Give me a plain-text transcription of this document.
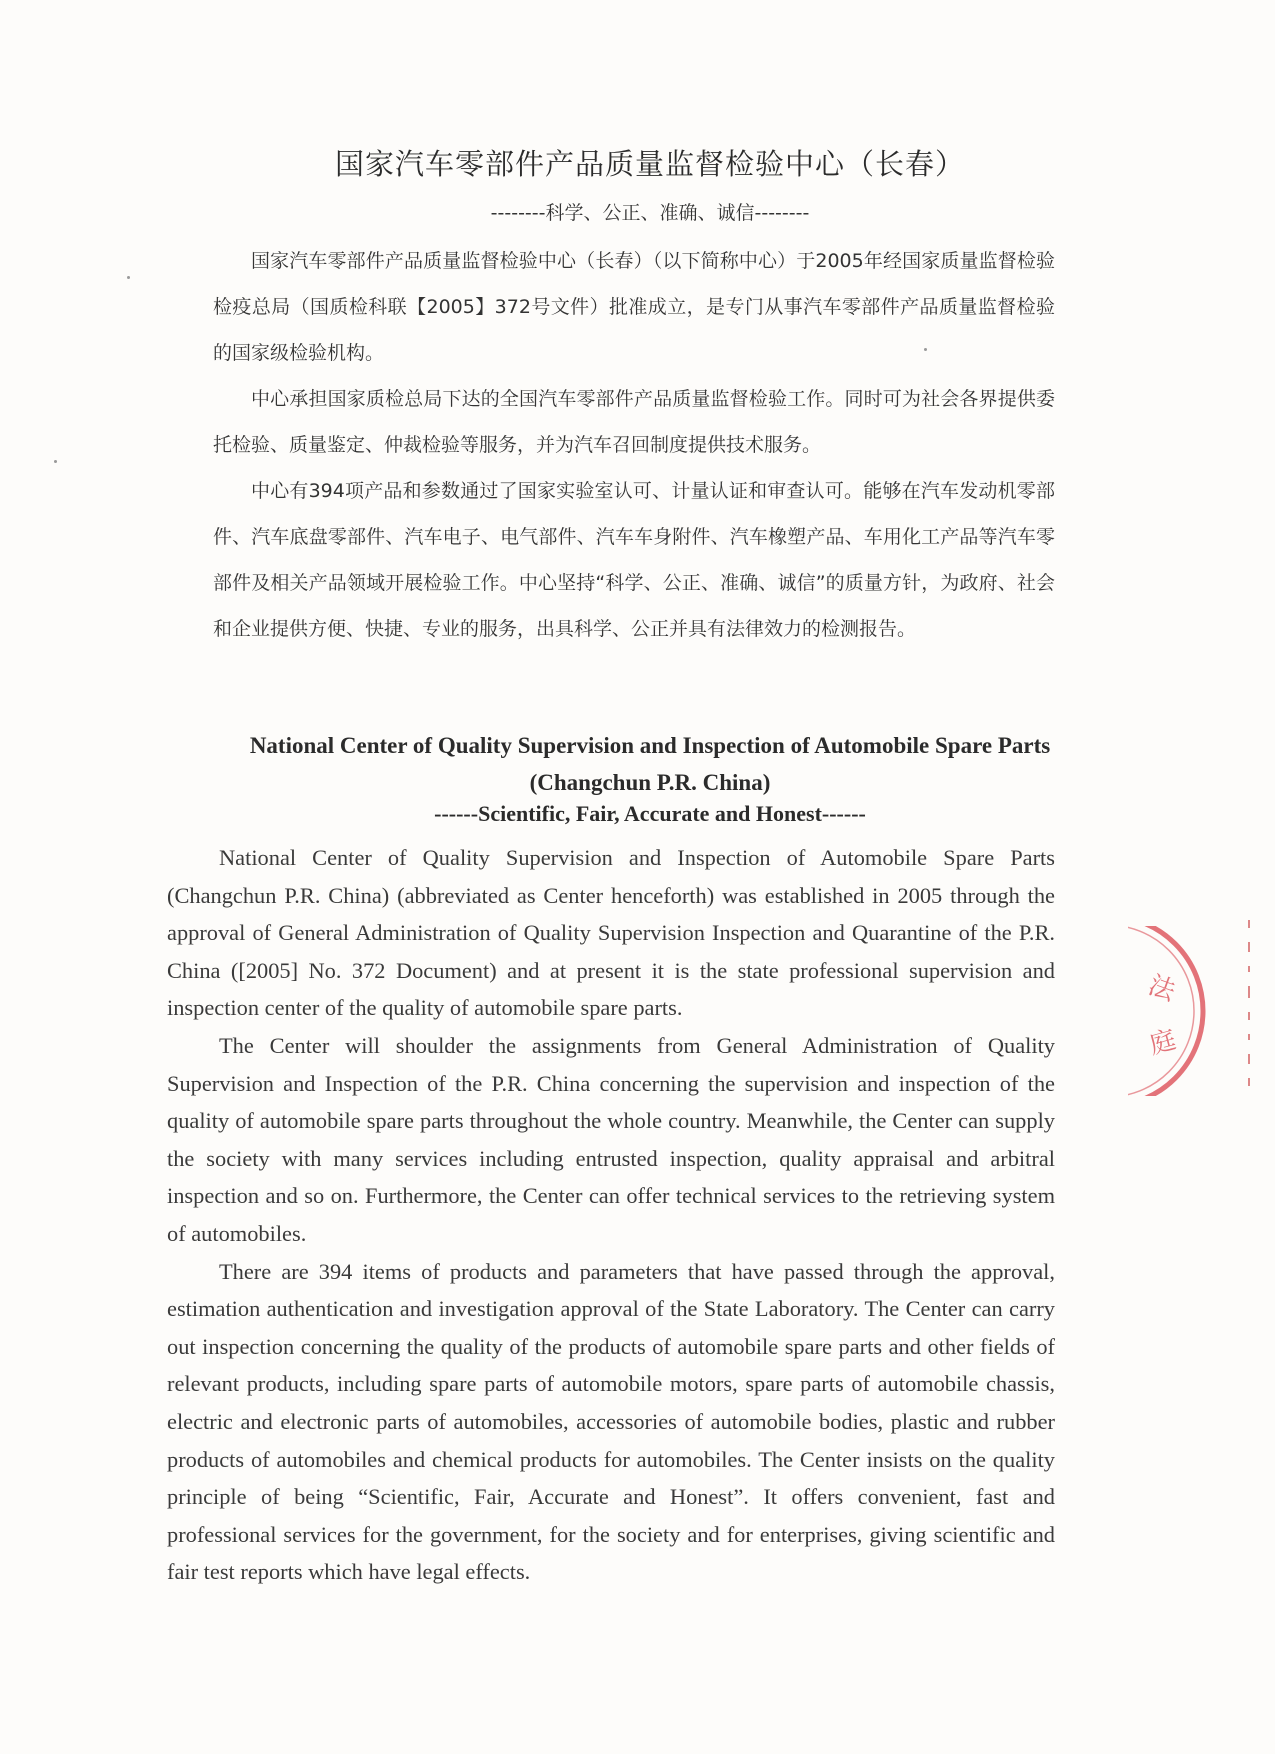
国家汽车零部件产品质量监督检验中心（长春）

--------科学、公正、准确、诚信--------

国家汽车零部件产品质量监督检验中心（长春）（以下简称中心）于2005年经国家质量监督检验检疫总局（国质检科联【2005】372号文件）批准成立，是专门从事汽车零部件产品质量监督检验的国家级检验机构。

中心承担国家质检总局下达的全国汽车零部件产品质量监督检验工作。同时可为社会各界提供委托检验、质量鉴定、仲裁检验等服务，并为汽车召回制度提供技术服务。

中心有394项产品和参数通过了国家实验室认可、计量认证和审查认可。能够在汽车发动机零部件、汽车底盘零部件、汽车电子、电气部件、汽车车身附件、汽车橡塑产品、车用化工产品等汽车零部件及相关产品领域开展检验工作。中心坚持“科学、公正、准确、诚信”的质量方针，为政府、社会和企业提供方便、快捷、专业的服务，出具科学、公正并具有法律效力的检测报告。

National Center of Quality Supervision and Inspection of Automobile Spare Parts
(Changchun P.R. China)

------Scientific, Fair, Accurate and Honest------

National Center of Quality Supervision and Inspection of Automobile Spare Parts (Changchun P.R. China) (abbreviated as Center henceforth) was established in 2005 through the approval of General Administration of Quality Supervision Inspection and Quarantine of the P.R. China ([2005] No. 372 Document) and at present it is the state professional supervision and inspection center of the quality of automobile spare parts.

The Center will shoulder the assignments from General Administration of Quality Supervision and Inspection of the P.R. China concerning the supervision and inspection of the quality of automobile spare parts throughout the whole country. Meanwhile, the Center can supply the society with many services including entrusted inspection, quality appraisal and arbitral inspection and so on. Furthermore, the Center can offer technical services to the retrieving system of automobiles.

There are 394 items of products and parameters that have passed through the approval, estimation authentication and investigation approval of the State Laboratory. The Center can carry out inspection concerning the quality of the products of automobile spare parts and other fields of relevant products, including spare parts of automobile motors, spare parts of automobile chassis, electric and electronic parts of automobiles, accessories of automobile bodies, plastic and rubber products of automobiles and chemical products for automobiles. The Center insists on the quality principle of being “Scientific, Fair, Accurate and Honest”. It offers convenient, fast and professional services for the government, for the society and for enterprises, giving scientific and fair test reports which have legal effects.

法
庭
